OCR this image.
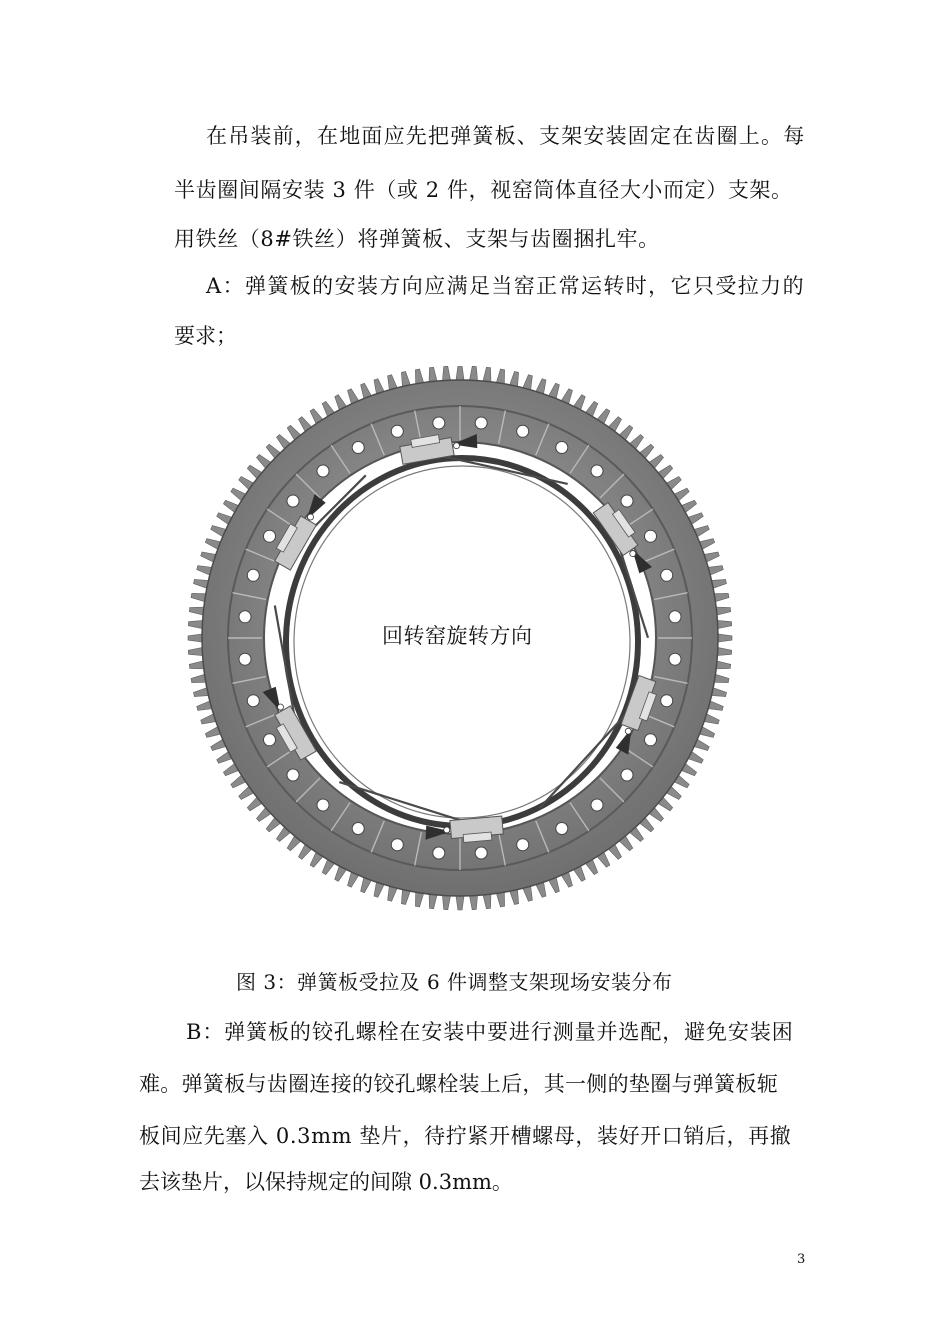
在吊装前，在地面应先把弹簧板、支架安装固定在齿圈上。每
半齿圈间隔安装 3 件（或 2 件，视窑筒体直径大小而定）支架。
用铁丝（8#铁丝）将弹簧板、支架与齿圈捆扎牢。
A：弹簧板的安装方向应满足当窑正常运转时，它只受拉力的
要求；
回转窑旋转方向
图 3：弹簧板受拉及 6 件调整支架现场安装分布
B：弹簧板的铰孔螺栓在安装中要进行测量并选配，避免安装困
难。弹簧板与齿圈连接的铰孔螺栓装上后，其一侧的垫圈与弹簧板轭
板间应先塞入 0.3mm 垫片，待拧紧开槽螺母，装好开口销后，再撤
去该垫片，以保持规定的间隙 0.3mm。
3
